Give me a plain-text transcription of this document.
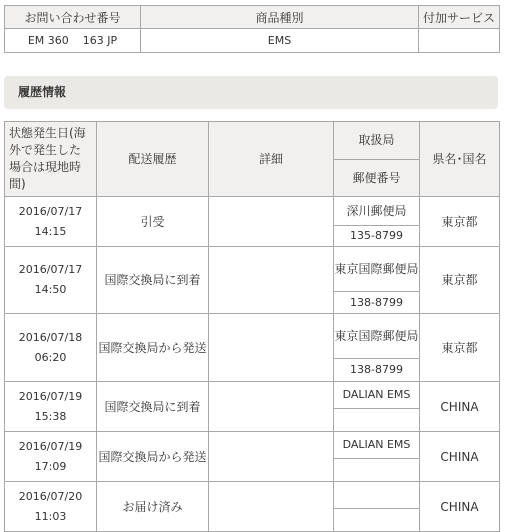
お問い合わせ番号	商品種別	付加サービス
EM 360    163 JP	EMS	
履歴情報
状態発生日(海外で発生した場合は現地時間)	配送履歴	詳細	取扱局	県名･国名
			郵便番号	

2016/07/17
14:15	引受		深川郵便局	東京都
			135-8799	

2016/07/17
14:50	国際交換局に到着		東京国際郵便局	東京都
			138-8799	

2016/07/18
06:20	国際交換局から発送		東京国際郵便局	東京都
			138-8799	

2016/07/19
15:38	国際交換局に到着		DALIAN EMS	CHINA

2016/07/19
17:09	国際交換局から発送		DALIAN EMS	CHINA

2016/07/20
11:03	お届け済み			CHINA
